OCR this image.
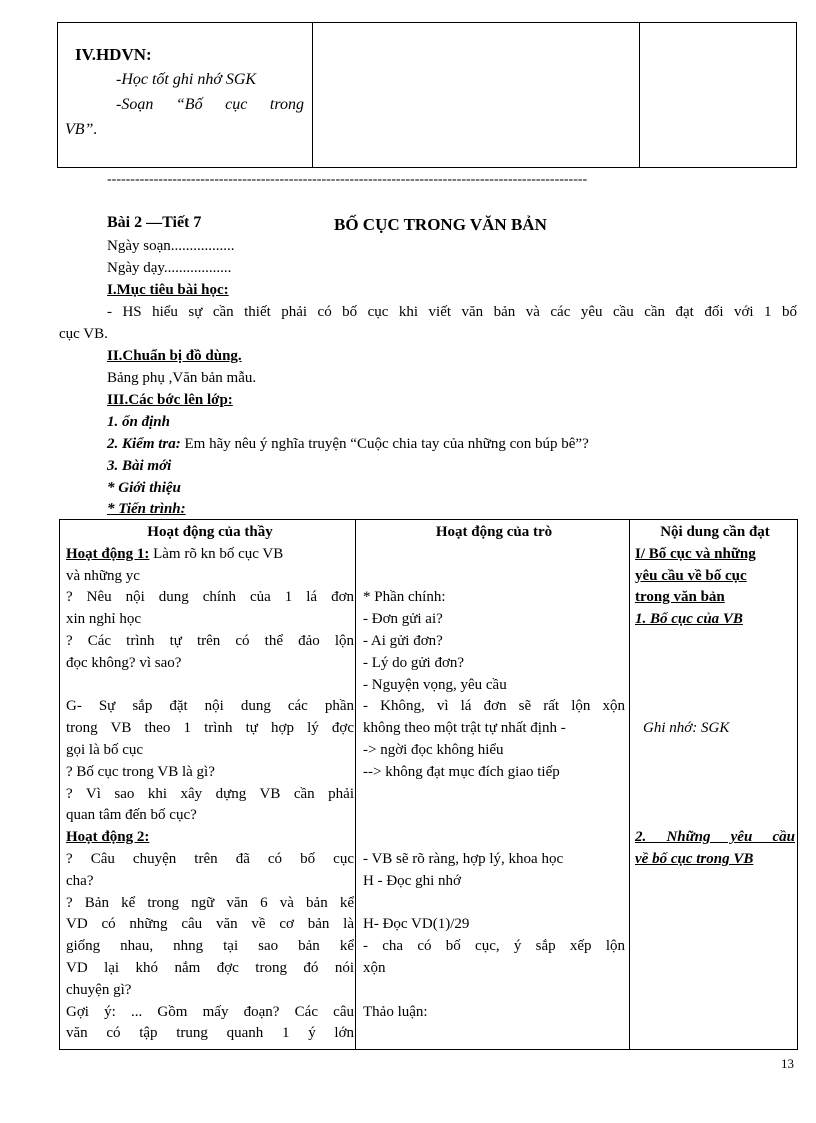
IV.HDVN:
-Học tốt ghi nhớ SGK
-Soạn “Bố cục trong
VB”.
-------------------------------------------------------------------------------------------------------
Bài 2 —Tiết 7	BỐ CỤC TRONG VĂN BẢN
Ngày soạn.................
Ngày dạy..................
I.Mục tiêu bài học:
- HS hiểu sự cần thiết phải có bố cục khi viết văn bản và các yêu cầu cần đạt đối với 1 bố
cục VB.
II.Chuẩn bị đồ dùng.
Bảng phụ ,Văn bản mẫu.
III.Các bớc lên lớp:
1. ổn định
2. Kiểm tra: Em hãy nêu ý nghĩa truyện “Cuộc chia tay của những con búp bê”?
3. Bài mới
* Giới thiệu
* Tiến trình:
Hoạt động của thầy
Hoạt động 1: Làm rõ kn bố cục VB
và những yc
? Nêu nội dung chính của 1 lá đơn
xin nghỉ học
? Các trình tự trên có thể đảo lộn
đọc không? vì sao?

G- Sự sắp đặt nội dung các phần
trong VB theo 1 trình tự hợp lý đợc
gọi là bố cục
? Bố cục trong VB là gì?
? Vì sao khi xây dựng VB cần phải
quan tâm đến bố cục?
Hoạt động 2:
? Câu chuyện trên đã có bố cục
cha?
? Bản kể trong ngữ văn 6 và bản kể
VD có những câu văn về cơ bản là
giống nhau, nhng tại sao bản kể
VD lại khó nắm đợc trong đó nói
chuyện gì?
Gợi ý: ... Gồm mấy đoạn? Các câu
văn có tập trung quanh 1 ý lớn
Hoạt động của trò

* Phần chính:
- Đơn gửi ai?
- Ai gửi đơn?
- Lý do gửi đơn?
- Nguyện vọng, yêu cầu
- Không, vì lá đơn sẽ rất lộn xộn
không theo một trật tự nhất định -
-> ngời đọc không hiểu
--> không đạt mục đích giao tiếp

- VB sẽ rõ ràng, hợp lý, khoa học
H - Đọc ghi nhớ

H- Đọc VD(1)/29
- cha có bố cục, ý sắp xếp lộn
xộn

Thảo luận:
Nội dung cần đạt
I/ Bố cục và những
yêu cầu về bố cục
trong văn bản
1. Bố cục của VB

Ghi nhớ: SGK

2. Những yêu cầu
về bố cục trong VB
13
